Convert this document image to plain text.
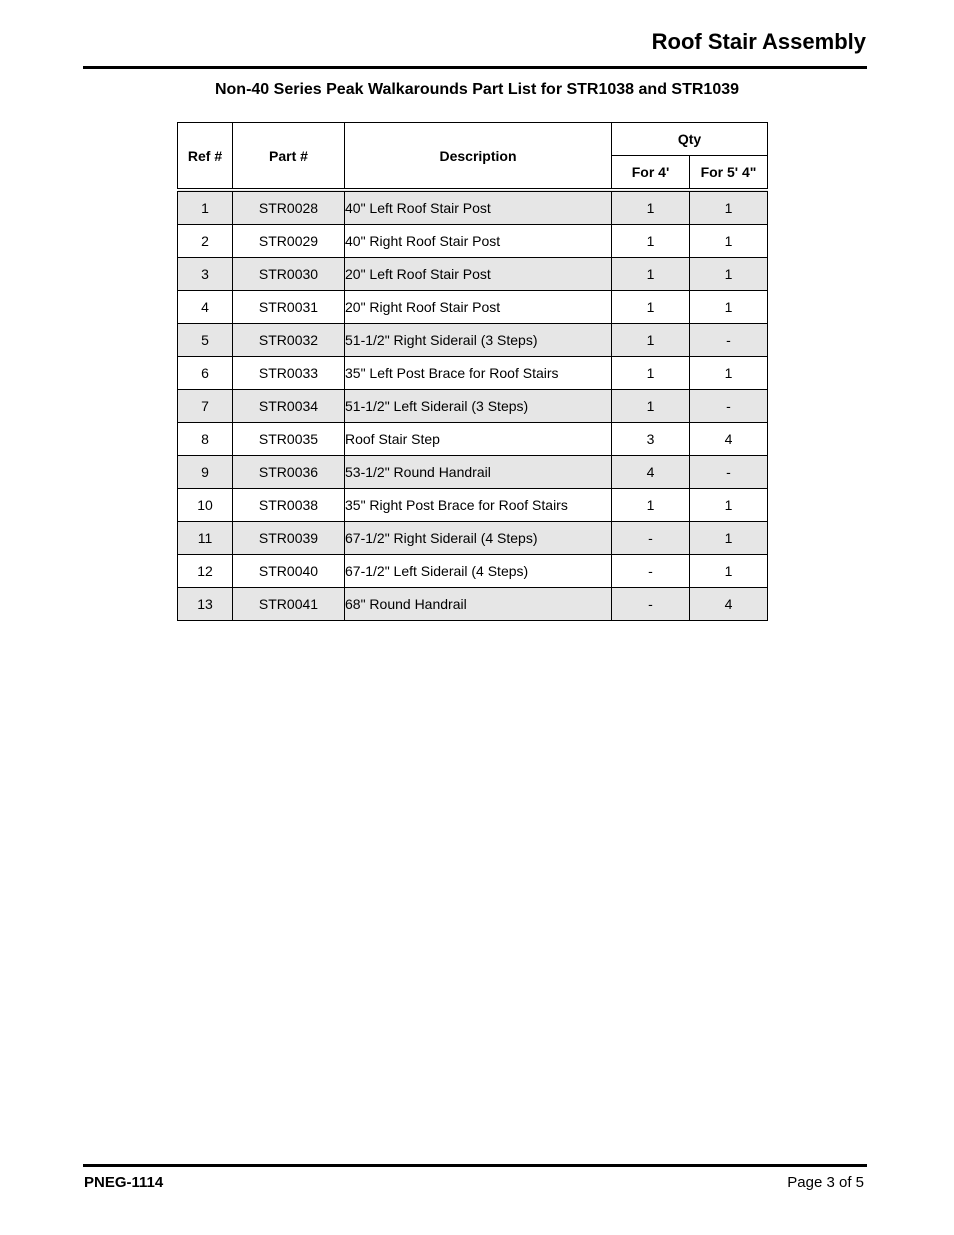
Roof Stair Assembly
Non-40 Series Peak Walkarounds Part List for STR1038 and STR1039
Ref #	Part #	Description	Qty	
			For 4'	For 5' 4"
1	STR0028	40" Left Roof Stair Post	1	1
2	STR0029	40" Right Roof Stair Post	1	1
3	STR0030	20" Left Roof Stair Post	1	1
4	STR0031	20" Right Roof Stair Post	1	1
5	STR0032	51-1/2" Right Siderail (3 Steps)	1	-
6	STR0033	35" Left Post Brace for Roof Stairs	1	1
7	STR0034	51-1/2" Left Siderail (3 Steps)	1	-
8	STR0035	Roof Stair Step	3	4
9	STR0036	53-1/2" Round Handrail	4	-
10	STR0038	35" Right Post Brace for Roof Stairs	1	1
11	STR0039	67-1/2" Right Siderail (4 Steps)	-	1
12	STR0040	67-1/2" Left Siderail (4 Steps)	-	1
13	STR0041	68" Round Handrail	-	4
PNEG-1114	Page 3 of 5
